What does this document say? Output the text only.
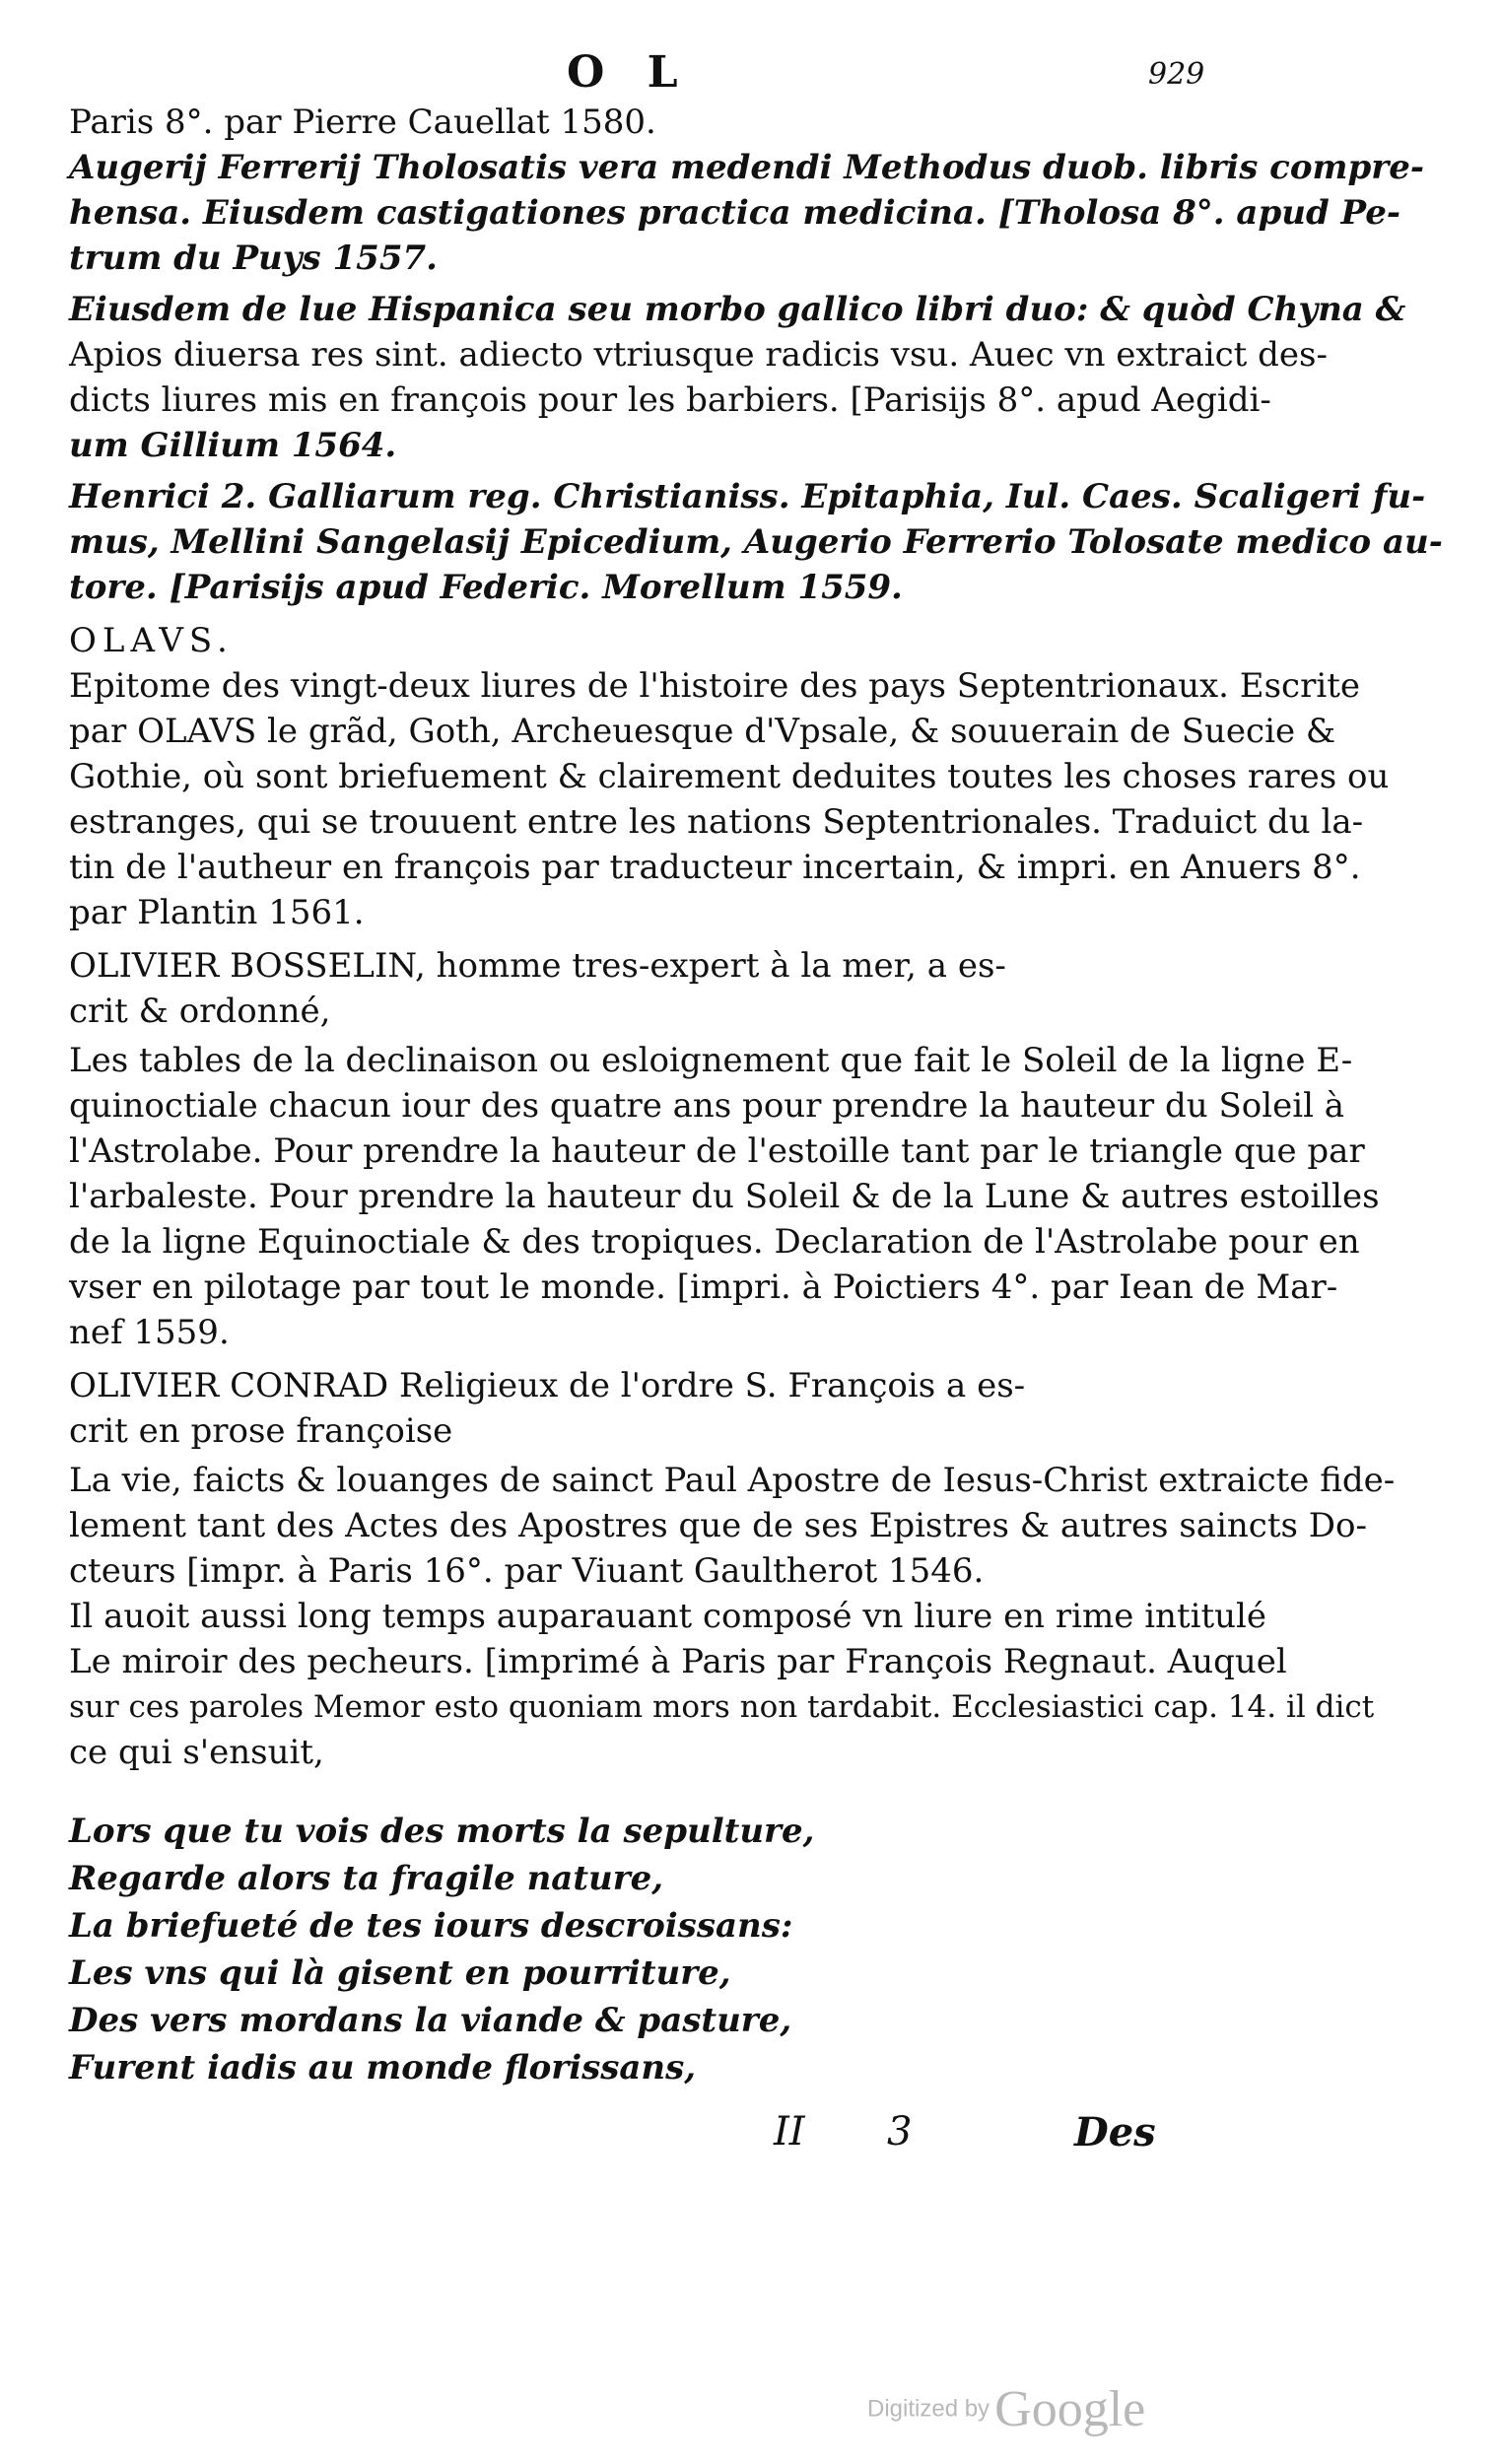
O L	929
Paris 8°. par Pierre Cauellat 1580.
Augerij Ferrerij Tholosatis vera medendi Methodus duob. libris compre-
hensa. Eiusdem castigationes practica medicina. [Tholosa 8°. apud Pe-
trum du Puys 1557.
Eiusdem de lue Hispanica seu morbo gallico libri duo: & quòd Chyna &
Apios diuersa res sint. adiecto vtriusque radicis vsu. Auec vn extraict des-
dicts liures mis en françois pour les barbiers. [Parisijs 8°. apud Aegidi-
um Gillium 1564.
Henrici 2. Galliarum reg. Christianiss. Epitaphia, Iul. Caes. Scaligeri fu-
mus, Mellini Sangelasij Epicedium, Augerio Ferrerio Tolosate medico au-
tore. [Parisijs apud Federic. Morellum 1559.
OLAVS.
Epitome des vingt-deux liures de l'histoire des pays Septentrionaux. Escrite
par OLAVS le grãd, Goth, Archeuesque d'Vpsale, & souuerain de Suecie &
Gothie, où sont briefuement & clairement deduites toutes les choses rares ou
estranges, qui se trouuent entre les nations Septentrionales. Traduict du la-
tin de l'autheur en françois par traducteur incertain, & impri. en Anuers 8°.
par Plantin 1561.
OLIVIER BOSSELIN, homme tres-expert à la mer, a es-
crit & ordonné,
Les tables de la declinaison ou esloignement que fait le Soleil de la ligne E-
quinoctiale chacun iour des quatre ans pour prendre la hauteur du Soleil à
l'Astrolabe. Pour prendre la hauteur de l'estoille tant par le triangle que par
l'arbaleste. Pour prendre la hauteur du Soleil & de la Lune & autres estoilles
de la ligne Equinoctiale & des tropiques. Declaration de l'Astrolabe pour en
vser en pilotage par tout le monde. [impri. à Poictiers 4°. par Iean de Mar-
nef 1559.
OLIVIER CONRAD Religieux de l'ordre S. François a es-
crit en prose françoise
La vie, faicts & louanges de sainct Paul Apostre de Iesus-Christ extraicte fide-
lement tant des Actes des Apostres que de ses Epistres & autres saincts Do-
cteurs [impr. à Paris 16°. par Viuant Gaultherot 1546.
Il auoit aussi long temps auparauant composé vn liure en rime intitulé
Le miroir des pecheurs. [imprimé à Paris par François Regnaut. Auquel
sur ces paroles Memor esto quoniam mors non tardabit. Ecclesiastici cap. 14. il dict
ce qui s'ensuit,
Lors que tu vois des morts la sepulture,
Regarde alors ta fragile nature,
La briefueté de tes iours descroissans:
Les vns qui là gisent en pourriture,
Des vers mordans la viande & pasture,
Furent iadis au monde florissans,
II 3	Des
Digitized by Google
